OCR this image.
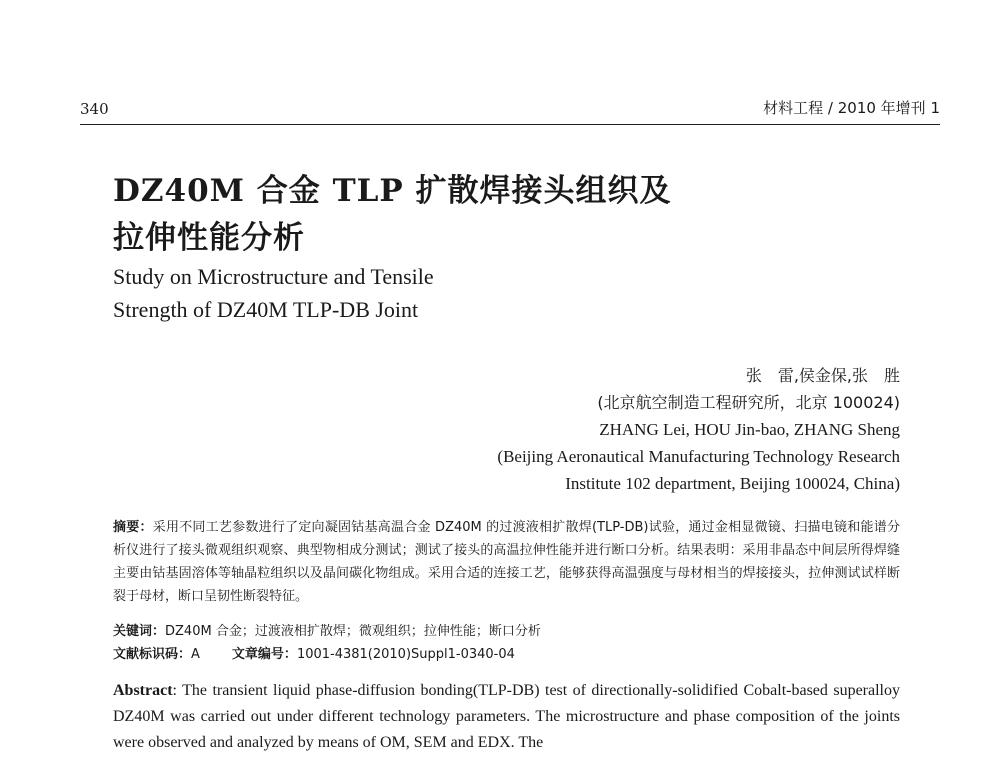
340	材料工程 / 2010 年增刊 1
DZ40M 合金 TLP 扩散焊接头组织及
拉伸性能分析
Study on Microstructure and Tensile
Strength of DZ40M TLP-DB Joint
张　雷,侯金保,张　胜
(北京航空制造工程研究所，北京 100024)
ZHANG Lei, HOU Jin-bao, ZHANG Sheng
(Beijing Aeronautical Manufacturing Technology Research
Institute 102 department, Beijing 100024, China)
摘要：采用不同工艺参数进行了定向凝固钴基高温合金 DZ40M 的过渡液相扩散焊(TLP-DB)试验，通过金相显微镜、扫描电镜和能谱分析仪进行了接头微观组织观察、典型物相成分测试；测试了接头的高温拉伸性能并进行断口分析。结果表明：采用非晶态中间层所得焊缝主要由钴基固溶体等轴晶粒组织以及晶间碳化物组成。采用合适的连接工艺，能够获得高温强度与母材相当的焊接接头，拉伸测试试样断裂于母材，断口呈韧性断裂特征。
关键词：DZ40M 合金；过渡液相扩散焊；微观组织；拉伸性能；断口分析
文献标识码：A 文章编号：1001-4381(2010)Suppl1-0340-04
Abstract: The transient liquid phase-diffusion bonding(TLP-DB) test of directionally-solidified Cobalt-based superalloy DZ40M was carried out under different technology parameters. The microstructure and phase composition of the joints were observed and analyzed by means of OM, SEM and EDX. The
